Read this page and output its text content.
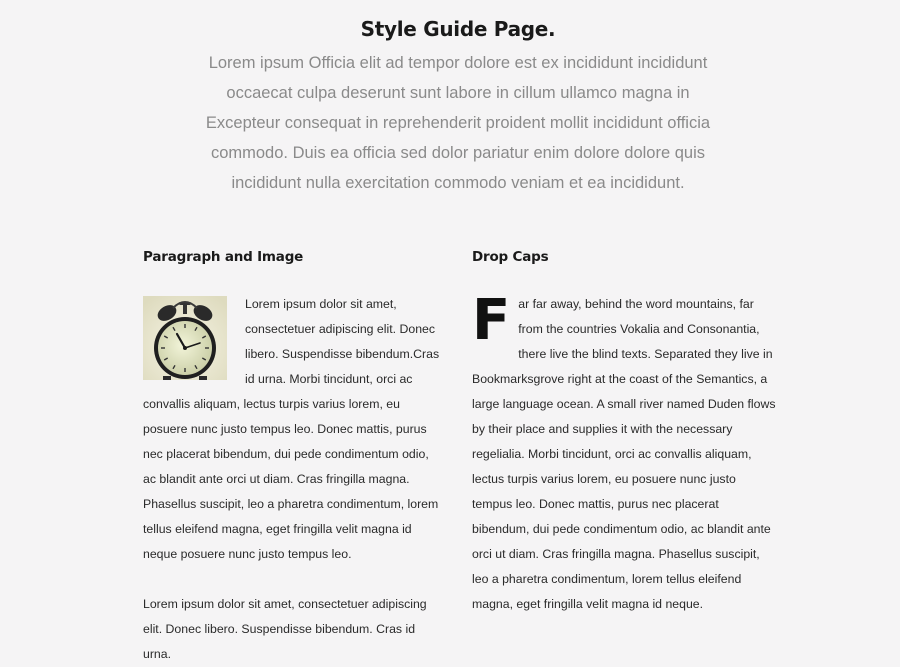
Style Guide Page.

Lorem ipsum Officia elit ad tempor dolore est ex incididunt incididunt occaecat culpa deserunt sunt labore in cillum ullamco magna in Excepteur consequat in reprehenderit proident mollit incididunt officia commodo. Duis ea officia sed dolor pariatur enim dolore dolore quis incididunt nulla exercitation commodo veniam et ea incididunt.

Paragraph and Image

Lorem ipsum dolor sit amet, consectetuer adipiscing elit. Donec libero. Suspendisse bibendum.Cras id urna. Morbi tincidunt, orci ac convallis aliquam, lectus turpis varius lorem, eu posuere nunc justo tempus leo. Donec mattis, purus nec placerat bibendum, dui pede condimentum odio, ac blandit ante orci ut diam. Cras fringilla magna. Phasellus suscipit, leo a pharetra condimentum, lorem tellus eleifend magna, eget fringilla velit magna id neque posuere nunc justo tempus leo.

Lorem ipsum dolor sit amet, consectetuer adipiscing elit. Donec libero. Suspendisse bibendum. Cras id urna.

Drop Caps
F ar far away, behind the word mountains, far from the countries Vokalia and Consonantia, there live the blind texts. Separated they live in Bookmarksgrove right at the coast of the Semantics, a large language ocean. A small river named Duden flows by their place and supplies it with the necessary regelialia. Morbi tincidunt, orci ac convallis aliquam, lectus turpis varius lorem, eu posuere nunc justo tempus leo. Donec mattis, purus nec placerat bibendum, dui pede condimentum odio, ac blandit ante orci ut diam. Cras fringilla magna. Phasellus suscipit, leo a pharetra condimentum, lorem tellus eleifend magna, eget fringilla velit magna id neque.
